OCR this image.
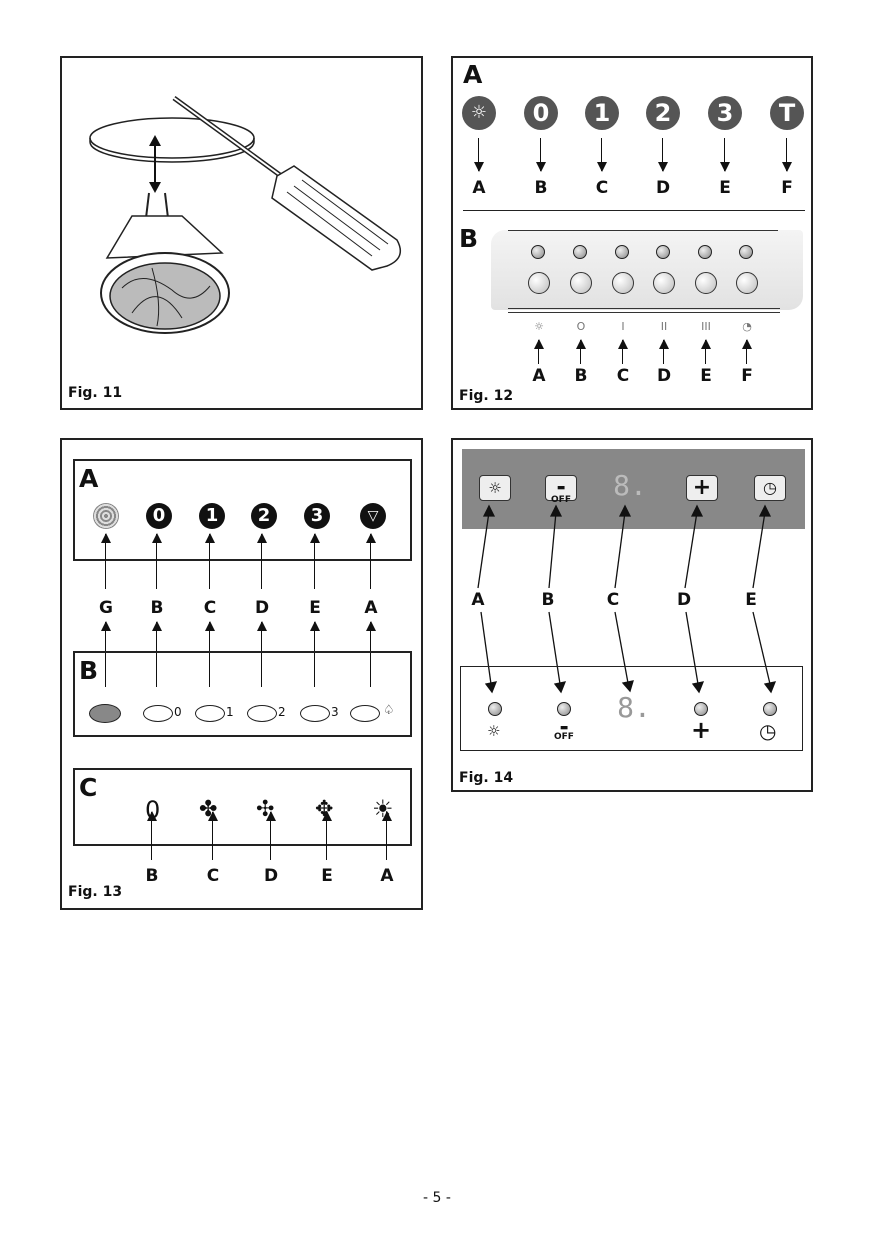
Fig. 11
A
☼	0	1	2	3	T
A	B	C	D	E	F
B
☼	O	I	II	III	◔
A B C D E F
Fig. 12
A
0	1	2	3	▽
G B C D E	A
B
0	1	2	3	♤
C
0 ✤ ✣ ✥ ☀
B	C	D	E	A
Fig. 13
☼	▬
OFF 8.	+	◷
A	B	C	D	E
8.
☼	▬
OFF	+ ◷
Fig. 14
- 5 -
